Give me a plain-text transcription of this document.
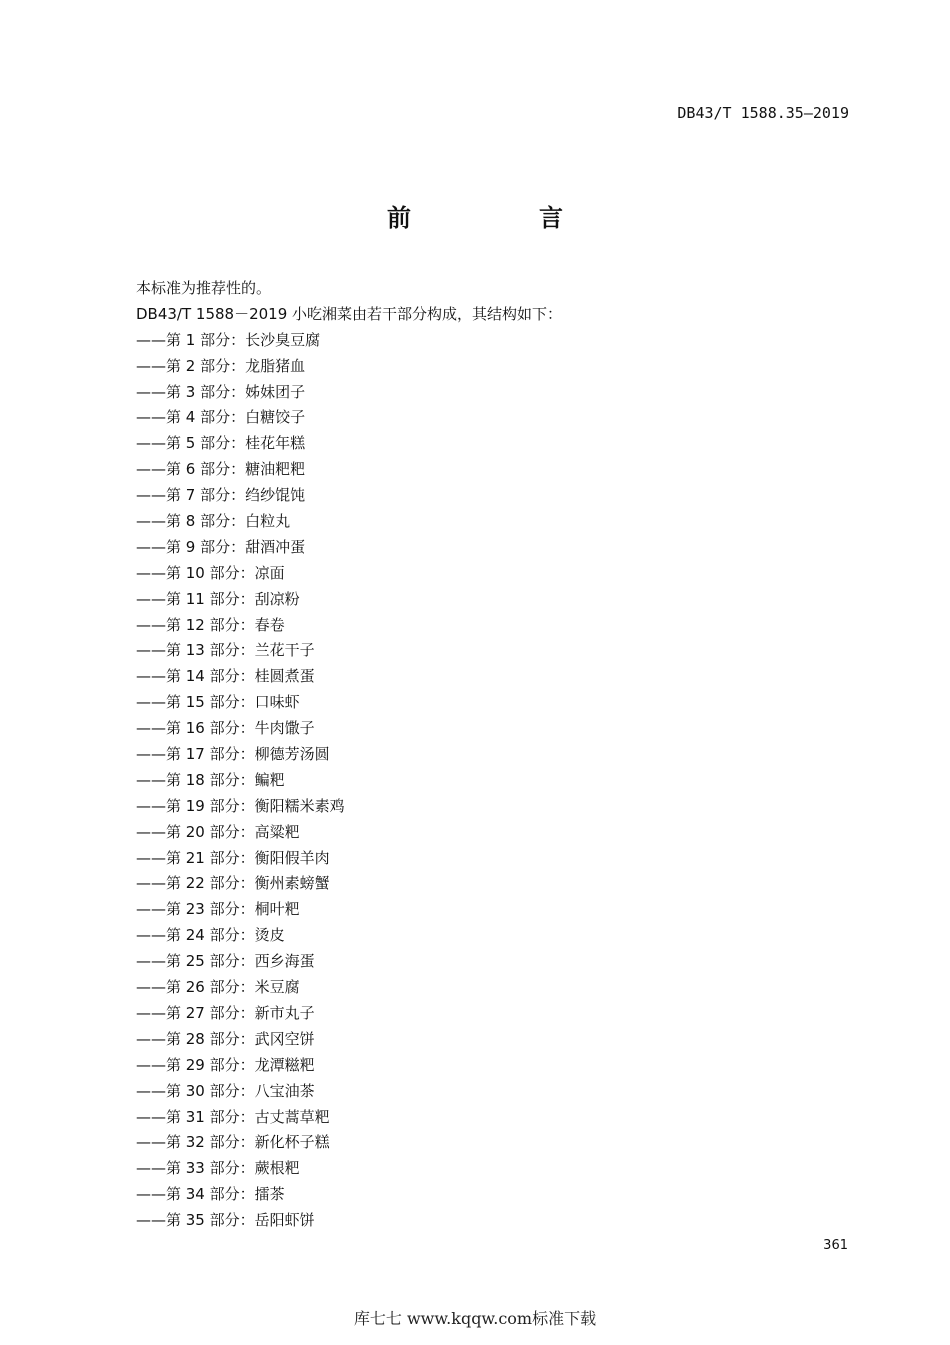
DB43/T 1588.35—2019
前　言
本标准为推荐性的。
DB43/T 1588－2019 小吃湘菜由若干部分构成，其结构如下：
——第 1 部分：长沙臭豆腐
——第 2 部分：龙脂猪血
——第 3 部分：姊妹团子
——第 4 部分：白糖饺子
——第 5 部分：桂花年糕
——第 6 部分：糖油粑粑
——第 7 部分：绉纱馄饨
——第 8 部分：白粒丸
——第 9 部分：甜酒冲蛋
——第 10 部分：凉面
——第 11 部分：刮凉粉
——第 12 部分：春卷
——第 13 部分：兰花干子
——第 14 部分：桂圆煮蛋
——第 15 部分：口味虾
——第 16 部分：牛肉馓子
——第 17 部分：柳德芳汤圆
——第 18 部分：鳊粑
——第 19 部分：衡阳糯米素鸡
——第 20 部分：高粱粑
——第 21 部分：衡阳假羊肉
——第 22 部分：衡州素螃蟹
——第 23 部分：桐叶粑
——第 24 部分：烫皮
——第 25 部分：西乡海蛋
——第 26 部分：米豆腐
——第 27 部分：新市丸子
——第 28 部分：武冈空饼
——第 29 部分：龙潭糍粑
——第 30 部分：八宝油茶
——第 31 部分：古丈蒿草粑
——第 32 部分：新化杯子糕
——第 33 部分：蕨根粑
——第 34 部分：擂茶
——第 35 部分：岳阳虾饼
361
库七七 www.kqqw.com标准下载
